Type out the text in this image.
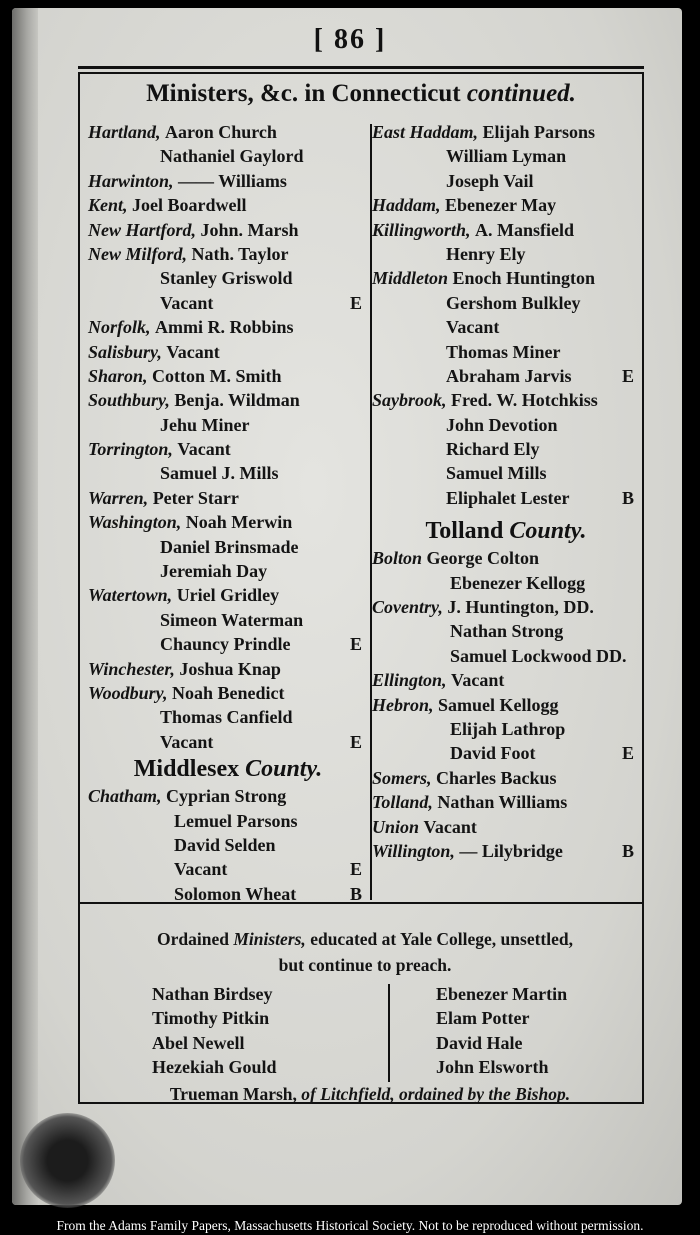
[ 86 ]
Ministers, &c. in Connecticut continued.
Hartland, Aaron Church
Nathaniel Gaylord
Harwinton, —— Williams
Kent, Joel Boardwell
New Hartford, John. Marsh
New Milford, Nath. Taylor
Stanley Griswold
Vacant	E
Norfolk, Ammi R. Robbins
Salisbury, Vacant
Sharon, Cotton M. Smith
Southbury, Benja. Wildman
Jehu Miner
Torrington, Vacant
Samuel J. Mills
Warren, Peter Starr
Washington, Noah Merwin
Daniel Brinsmade
Jeremiah Day
Watertown, Uriel Gridley
Simeon Waterman
Chauncy Prindle	E
Winchester, Joshua Knap
Woodbury, Noah Benedict
Thomas Canfield
Vacant	E
Middlesex County.
Chatham, Cyprian Strong
Lemuel Parsons
David Selden
Vacant	E
Solomon Wheat	B
East Haddam, Elijah Parsons
William Lyman
Joseph Vail
Haddam, Ebenezer May
Killingworth, A. Mansfield
Henry Ely
Middleton Enoch Huntington
Gershom Bulkley
Vacant
Thomas Miner
Abraham Jarvis	E
Saybrook, Fred. W. Hotchkiss
John Devotion
Richard Ely
Samuel Mills
Eliphalet Lester	B
Tolland County.
Bolton George Colton
Ebenezer Kellogg
Coventry, J. Huntington, DD.
Nathan Strong
Samuel Lockwood DD.
Ellington, Vacant
Hebron, Samuel Kellogg
Elijah Lathrop
David Foot	E
Somers, Charles Backus
Tolland, Nathan Williams
Union Vacant
Willington, — Lilybridge	B
Ordained Ministers, educated at Yale College, unsettled,
but continue to preach.
Nathan Birdsey
Timothy Pitkin
Abel Newell
Hezekiah Gould
Ebenezer Martin
Elam Potter
David Hale
John Elsworth
Trueman Marsh, of Litchfield, ordained by the Bishop.
From the Adams Family Papers, Massachusetts Historical Society. Not to be reproduced without permission.
